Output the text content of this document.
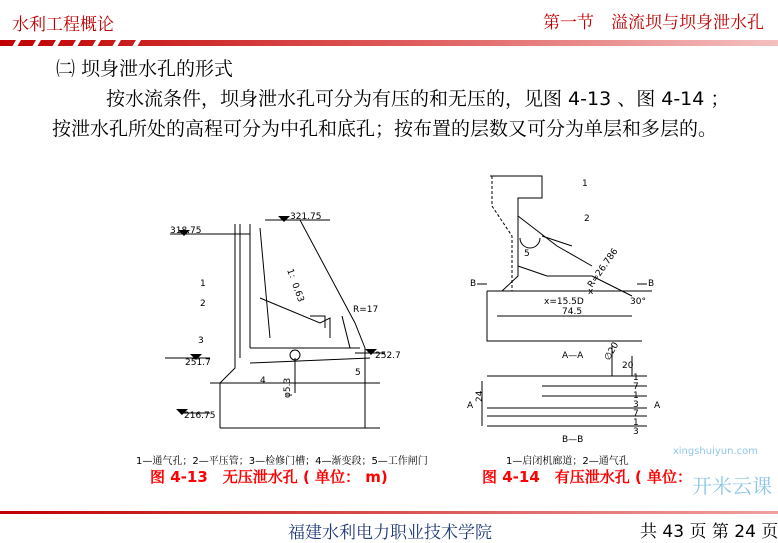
水利工程概论	第一节　溢流坝与坝身泄水孔
㈡ 坝身泄水孔的形式
按水流条件，坝身泄水孔可分为有压的和无压的，见图 4-13 、图 4-14 ；按泄水孔所处的高程可分为中孔和底孔；按布置的层数又可分为单层和多层的。
321.75
318.75
251.7
252.7
216.75
1
2
3
4
5
R=17
1：0.63
φ5.3
1—通气孔；2—平压管；3—检修门槽；4—渐变段；5—工作闸门
1
2
B	B
R=26.786
x=15.5D
x
74.5
30°
A—A
20
5
A	A
24
B—B
∅20
1
7
1
3
7
1
3
1—启闭机廊道；2—通气孔
图 4-13　无压泄水孔 ( 单位： m)	图 4-14　有压泄水孔 ( 单位：
xingshuiyun.com
开米云课
福建水利电力职业技术学院	共 43 页 第 24 页
